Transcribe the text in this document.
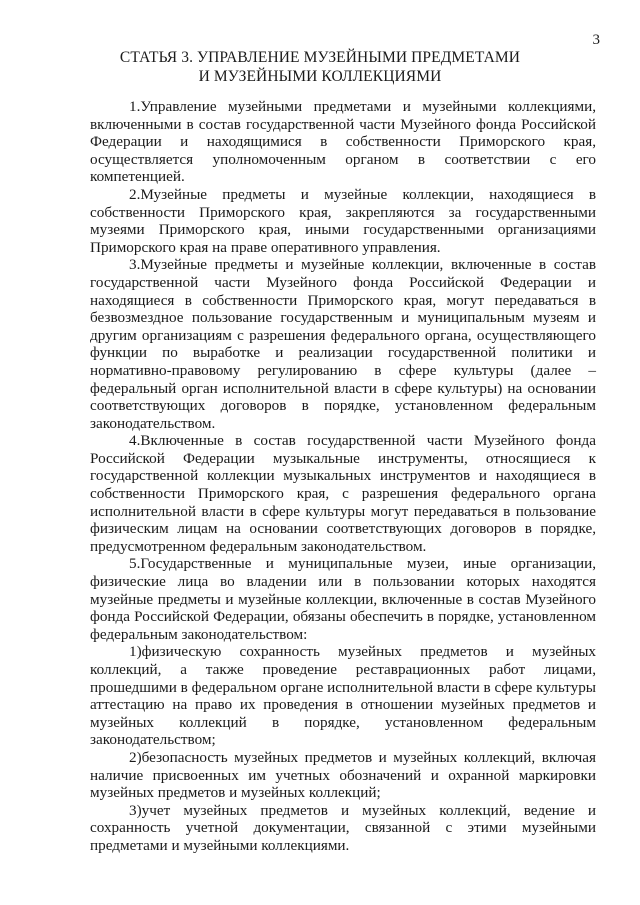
3
СТАТЬЯ 3. УПРАВЛЕНИЕ МУЗЕЙНЫМИ ПРЕДМЕТАМИ
И МУЗЕЙНЫМИ КОЛЛЕКЦИЯМИ

1.Управление музейными предметами и музейными коллекциями, включенными в состав государственной части Музейного фонда Российской Федерации и находящимися в собственности Приморского края, осуществляется уполномоченным органом в соответствии с его компетенцией.

2.Музейные предметы и музейные коллекции, находящиеся в собственности Приморского края, закрепляются за государственными музеями Приморского края, иными государственными организациями Приморского края на праве оперативного управления.

3.Музейные предметы и музейные коллекции, включенные в состав государственной части Музейного фонда Российской Федерации и находящиеся в собственности Приморского края, могут передаваться в безвозмездное пользование государственным и муниципальным музеям и другим организациям с разрешения федерального органа, осуществляющего функции по выработке и реализации государственной политики и нормативно-правовому регулированию в сфере культуры (далее – федеральный орган исполнительной власти в сфере культуры) на основании соответствующих договоров в порядке, установленном федеральным законодательством.

4.Включенные в состав государственной части Музейного фонда Российской Федерации музыкальные инструменты, относящиеся к государственной коллекции музыкальных инструментов и находящиеся в собственности Приморского края, с разрешения федерального органа исполнительной власти в сфере культуры могут передаваться в пользование физическим лицам на основании соответствующих договоров в порядке, предусмотренном федеральным законодательством.

5.Государственные и муниципальные музеи, иные организации, физические лица во владении или в пользовании которых находятся музейные предметы и музейные коллекции, включенные в состав Музейного фонда Российской Федерации, обязаны обеспечить в порядке, установленном федеральным законодательством:

1)физическую сохранность музейных предметов и музейных коллекций, а также проведение реставрационных работ лицами, прошедшими в федеральном органе исполнительной власти в сфере культуры аттестацию на право их проведения в отношении музейных предметов и музейных коллекций в порядке, установленном федеральным законодательством;

2)безопасность музейных предметов и музейных коллекций, включая наличие присвоенных им учетных обозначений и охранной маркировки музейных предметов и музейных коллекций;

3)учет музейных предметов и музейных коллекций, ведение и сохранность учетной документации, связанной с этими музейными предметами и музейными коллекциями.
